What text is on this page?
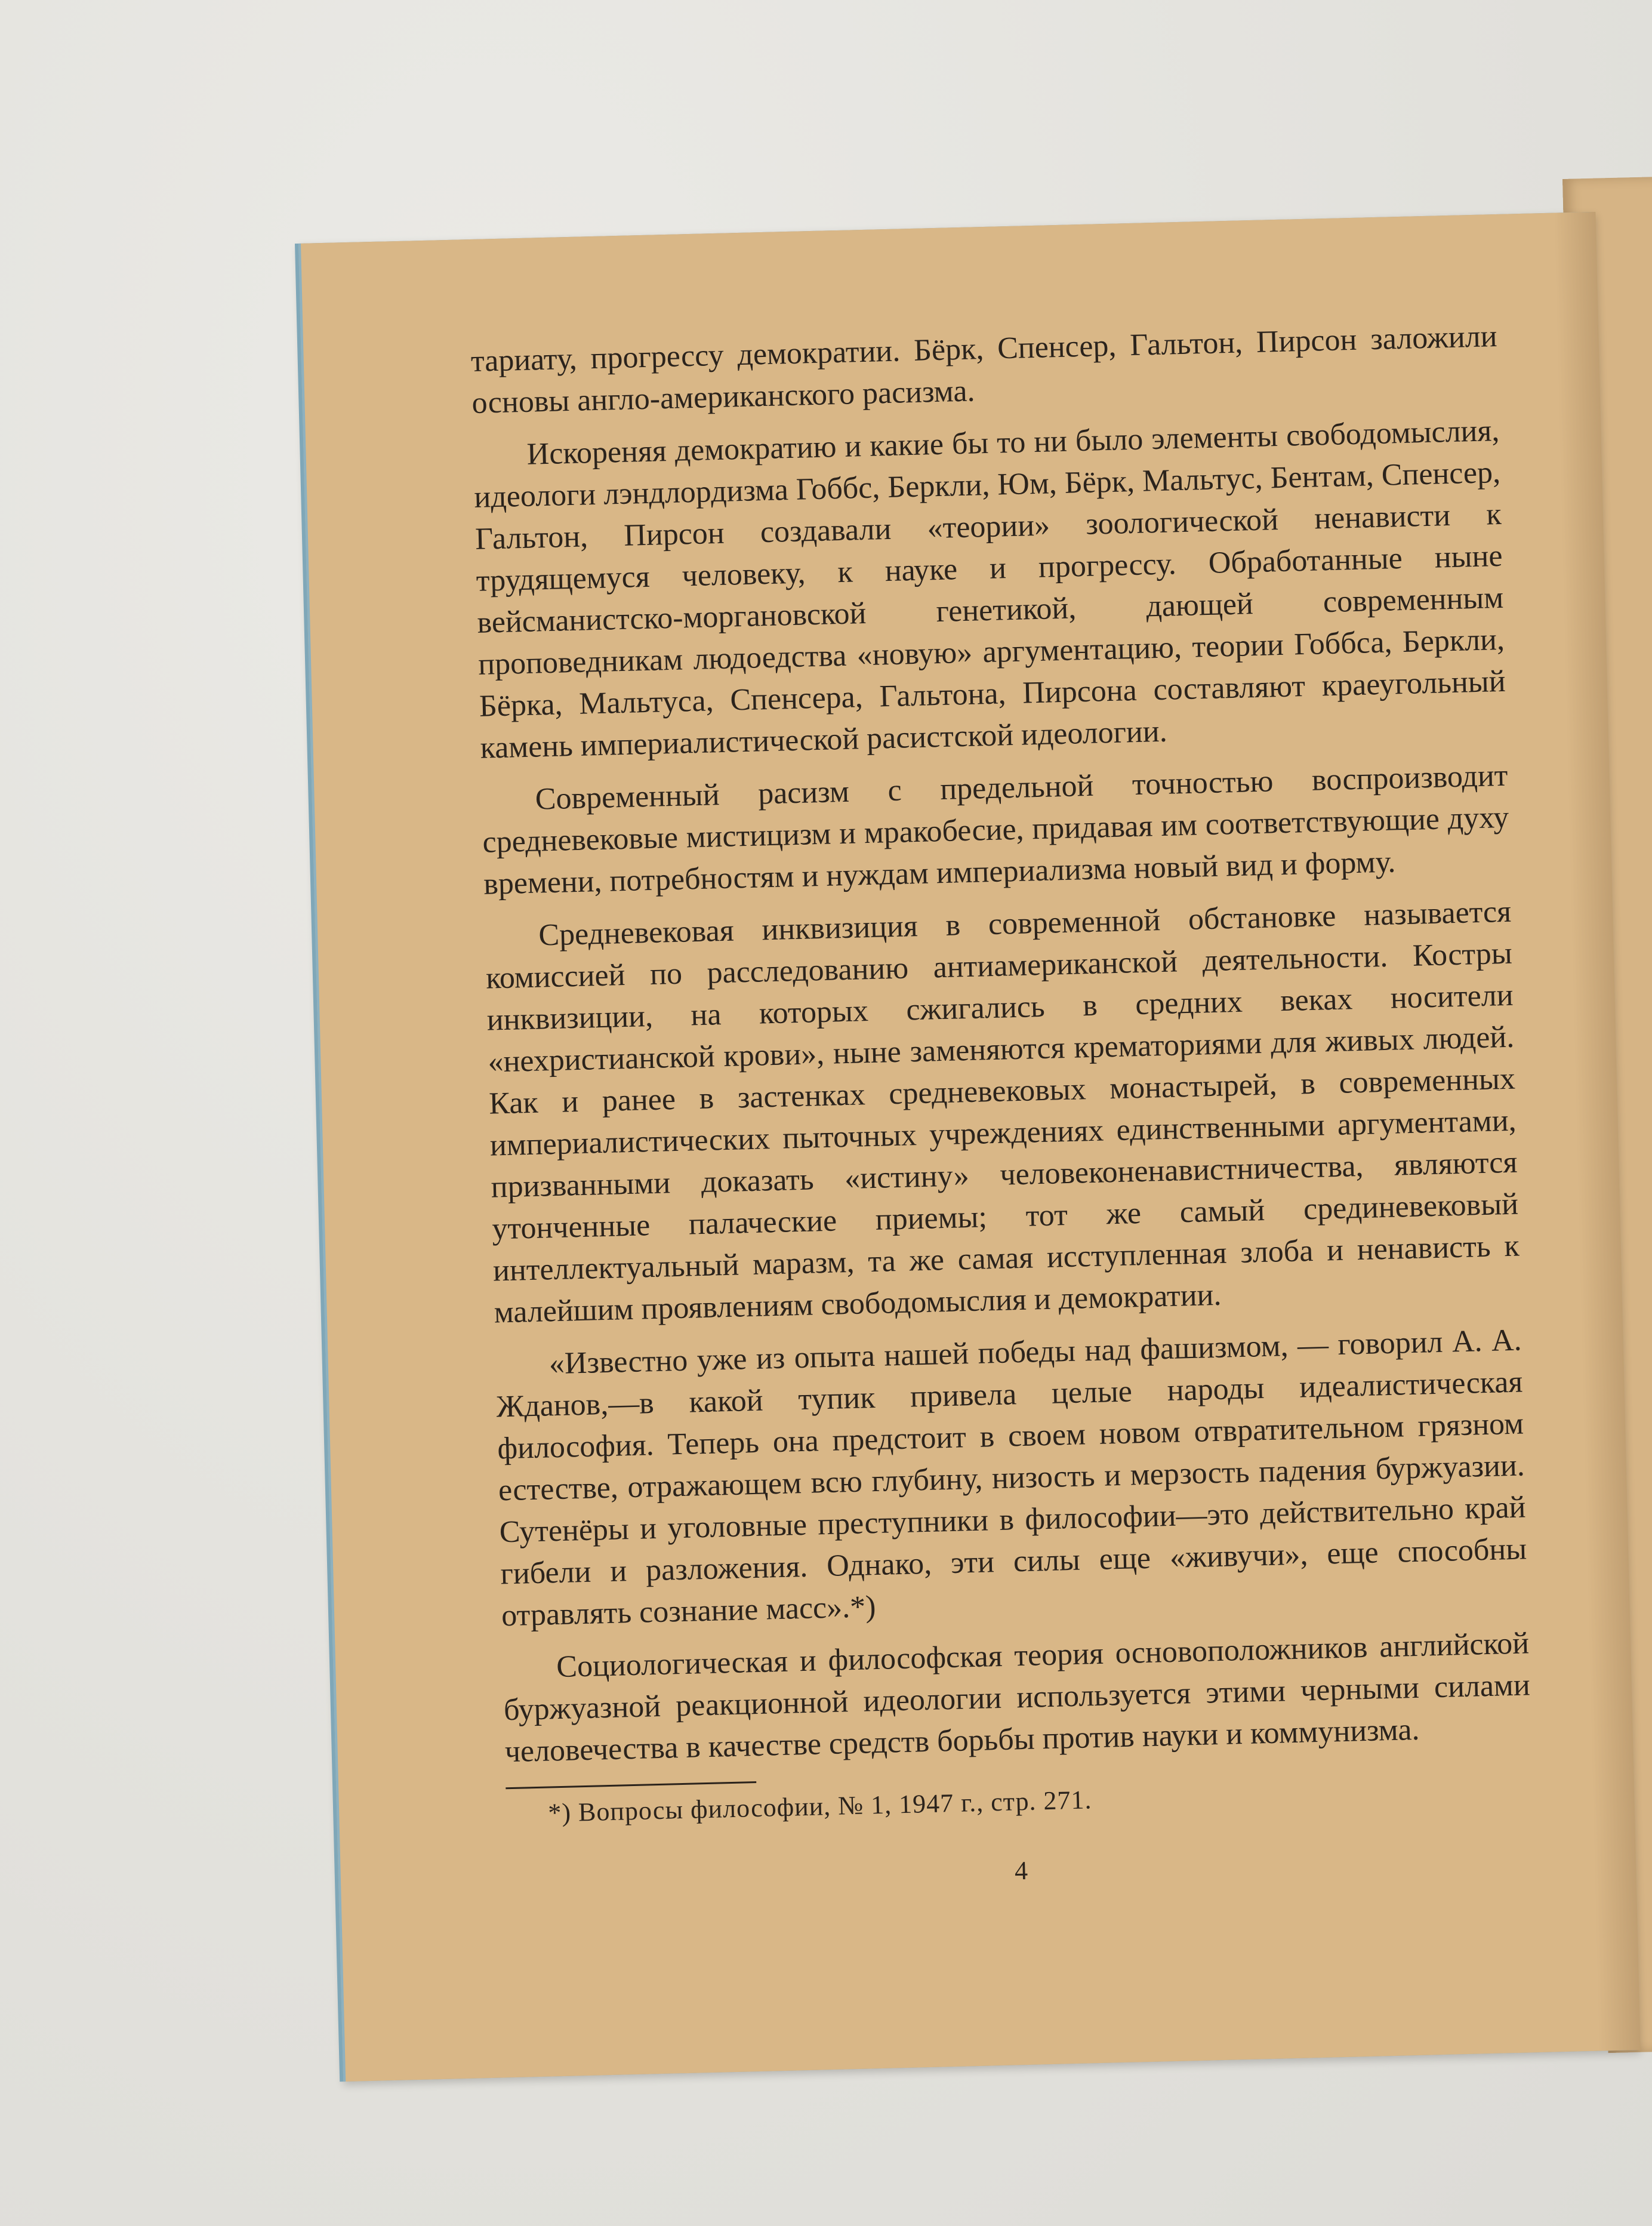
тариату, прогрессу демократии. Бёрк, Спенсер, Гальтон, Пирсон заложили основы англо-американского расизма.

Искореняя демократию и какие бы то ни было элементы свободомыслия, идеологи лэндлордизма Гоббс, Беркли, Юм, Бёрк, Мальтус, Бентам, Спенсер, Гальтон, Пирсон создавали «теории» зоологической ненависти к трудящемуся человеку, к науке и прогрессу. Обработанные ныне вейсманистско-моргановской генетикой, дающей современным проповедникам людоедства «новую» аргументацию, теории Гоббса, Беркли, Бёрка, Мальтуса, Спенсера, Гальтона, Пирсона составляют краеугольный камень империалистической расистской идеологии.

Современный расизм с предельной точностью воспроизводит средневековые мистицизм и мракобесие, придавая им соответствующие духу времени, потребностям и нуждам империализма новый вид и форму.

Средневековая инквизиция в современной обстановке называется комиссией по расследованию антиамериканской деятельности. Костры инквизиции, на которых сжигались в средних веках носители «нехристианской крови», ныне заменяются крематориями для живых людей. Как и ранее в застенках средневековых монастырей, в современных империалистических пыточных учреждениях единственными аргументами, призванными доказать «истину» человеконенавистничества, являются утонченные палаческие приемы; тот же самый срединевековый интеллектуальный маразм, та же самая исступленная злоба и ненависть к малейшим проявлениям свободомыслия и демократии.

«Известно уже из опыта нашей победы над фашизмом, — говорил А. А. Жданов,—в какой тупик привела целые народы идеалистическая философия. Теперь она предстоит в своем новом отвратительном грязном естестве, отражающем всю глубину, низость и мерзость падения буржуазии. Сутенёры и уголовные преступники в философии—это действительно край гибели и разложения. Однако, эти силы еще «живучи», еще способны отравлять сознание масс».*)

Социологическая и философская теория основоположников английской буржуазной реакционной идеологии используется этими черными силами человечества в качестве средств борьбы против науки и коммунизма.

*) Вопросы философии, № 1, 1947 г., стр. 271.

4
